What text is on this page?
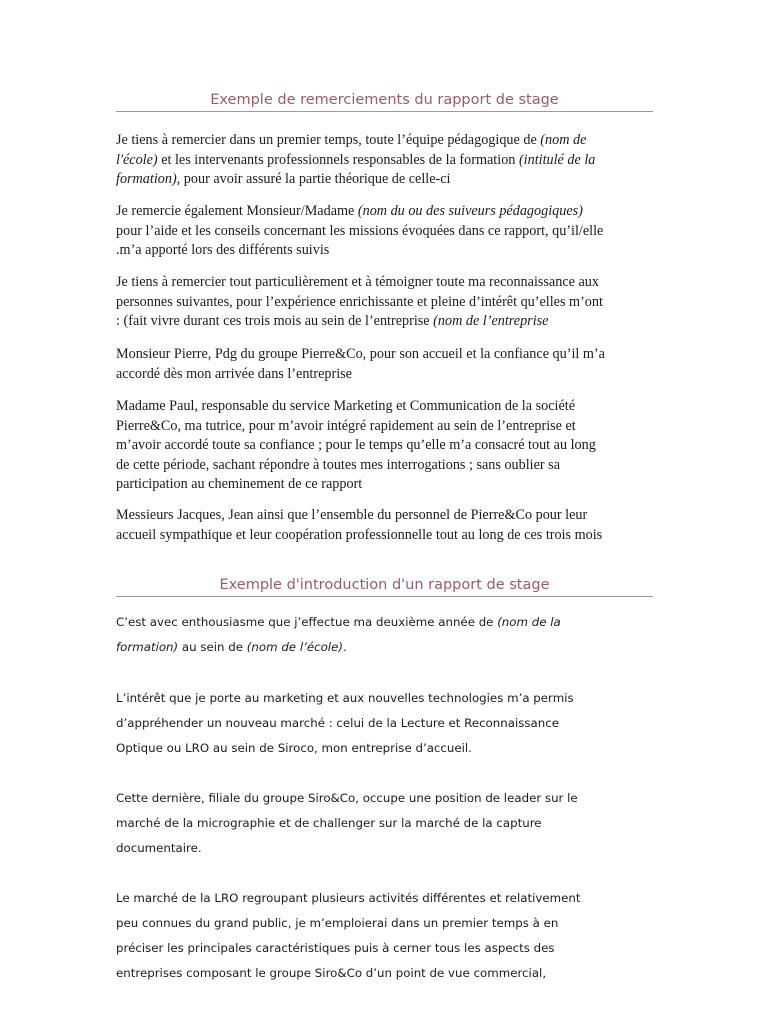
Exemple de remerciements du rapport de stage
Je tiens à remercier dans un premier temps, toute l’équipe pédagogique de (nom de
l'école) et les intervenants professionnels responsables de la formation (intitulé de la
formation), pour avoir assuré la partie théorique de celle-ci
Je remercie également Monsieur/Madame (nom du ou des suiveurs pédagogiques)
pour l’aide et les conseils concernant les missions évoquées dans ce rapport, qu’il/elle
.m’a apporté lors des différents suivis
Je tiens à remercier tout particulièrement et à témoigner toute ma reconnaissance aux
personnes suivantes, pour l’expérience enrichissante et pleine d’intérêt qu’elles m’ont
: (fait vivre durant ces trois mois au sein de l’entreprise (nom de l’entreprise
Monsieur Pierre, Pdg du groupe Pierre&Co, pour son accueil et la confiance qu’il m’a
accordé dès mon arrivée dans l’entreprise
Madame Paul, responsable du service Marketing et Communication de la société
Pierre&Co, ma tutrice, pour m’avoir intégré rapidement au sein de l’entreprise et
m’avoir accordé toute sa confiance ; pour le temps qu’elle m’a consacré tout au long
de cette période, sachant répondre à toutes mes interrogations ; sans oublier sa
participation au cheminement de ce rapport
Messieurs Jacques, Jean ainsi que l’ensemble du personnel de Pierre&Co pour leur
accueil sympathique et leur coopération professionnelle tout au long de ces trois mois
Exemple d'introduction d'un rapport de stage
C’est avec enthousiasme que j’effectue ma deuxième année de (nom de la
formation) au sein de (nom de l’école).
L’intérêt que je porte au marketing et aux nouvelles technologies m’a permis
d’appréhender un nouveau marché : celui de la Lecture et Reconnaissance
Optique ou LRO au sein de Siroco, mon entreprise d’accueil.
Cette dernière, filiale du groupe Siro&Co, occupe une position de leader sur le
marché de la micrographie et de challenger sur la marché de la capture
documentaire.
Le marché de la LRO regroupant plusieurs activités différentes et relativement
peu connues du grand public, je m’emploierai dans un premier temps à en
préciser les principales caractéristiques puis à cerner tous les aspects des
entreprises composant le groupe Siro&Co d’un point de vue commercial,
